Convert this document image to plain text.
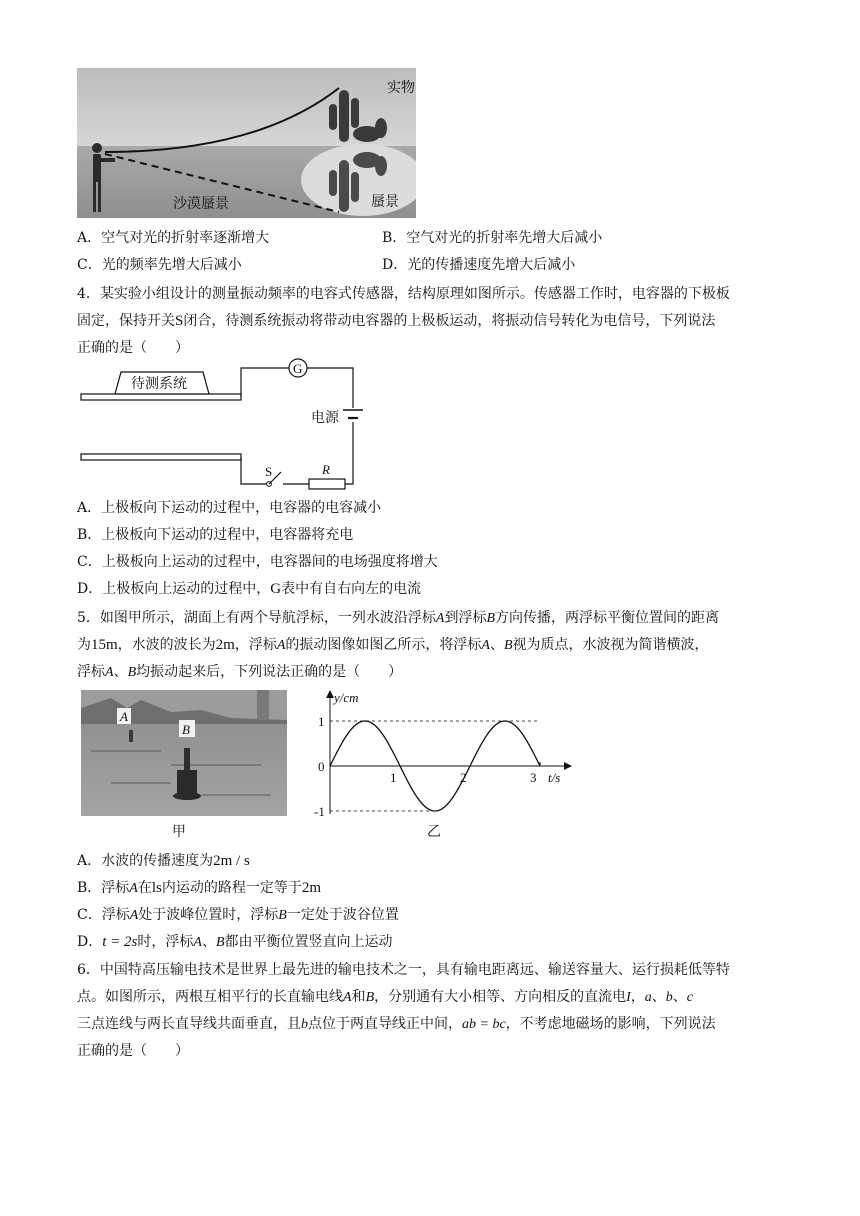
实物
蜃景
沙漠蜃景
A．空气对光的折射率逐渐增大	B．空气对光的折射率先增大后减小
C．光的频率先增大后减小	D．光的传播速度先增大后减小
4．某实验小组设计的测量振动频率的电容式传感器，结构原理如图所示。传感器工作时，电容器的下极板
固定，保持开关S闭合，待测系统振动将带动电容器的上极板运动，将振动信号转化为电信号，下列说法
正确的是（　　）
待测系统
G
电源
S	R
A．上极板向下运动的过程中，电容器的电容减小
B．上极板向下运动的过程中，电容器将充电
C．上极板向上运动的过程中，电容器间的电场强度将增大
D．上极板向上运动的过程中，G表中有自右向左的电流
5．如图甲所示，湖面上有两个导航浮标，一列水波沿浮标A到浮标B方向传播，两浮标平衡位置间的距离
为15m，水波的波长为2m，浮标A的振动图像如图乙所示，将浮标A、B视为质点，水波视为简谐横波，
浮标A、B均振动起来后，下列说法正确的是（　　）
A
B
甲
0
1	2	3
1
-1
y/cm
t/s
乙
A．水波的传播速度为2m / s
B．浮标A在ls内运动的路程一定等于2m
C．浮标A处于波峰位置时，浮标B一定处于波谷位置
D．t = 2s时，浮标A、B都由平衡位置竖直向上运动
6．中国特高压输电技术是世界上最先进的输电技术之一，具有输电距离远、输送容量大、运行损耗低等特
点。如图所示，两根互相平行的长直输电线A和B，分别通有大小相等、方向相反的直流电I，a、b、c
三点连线与两长直导线共面垂直，且b点位于两直导线正中间，ab = bc，不考虑地磁场的影响，下列说法
正确的是（　　）
